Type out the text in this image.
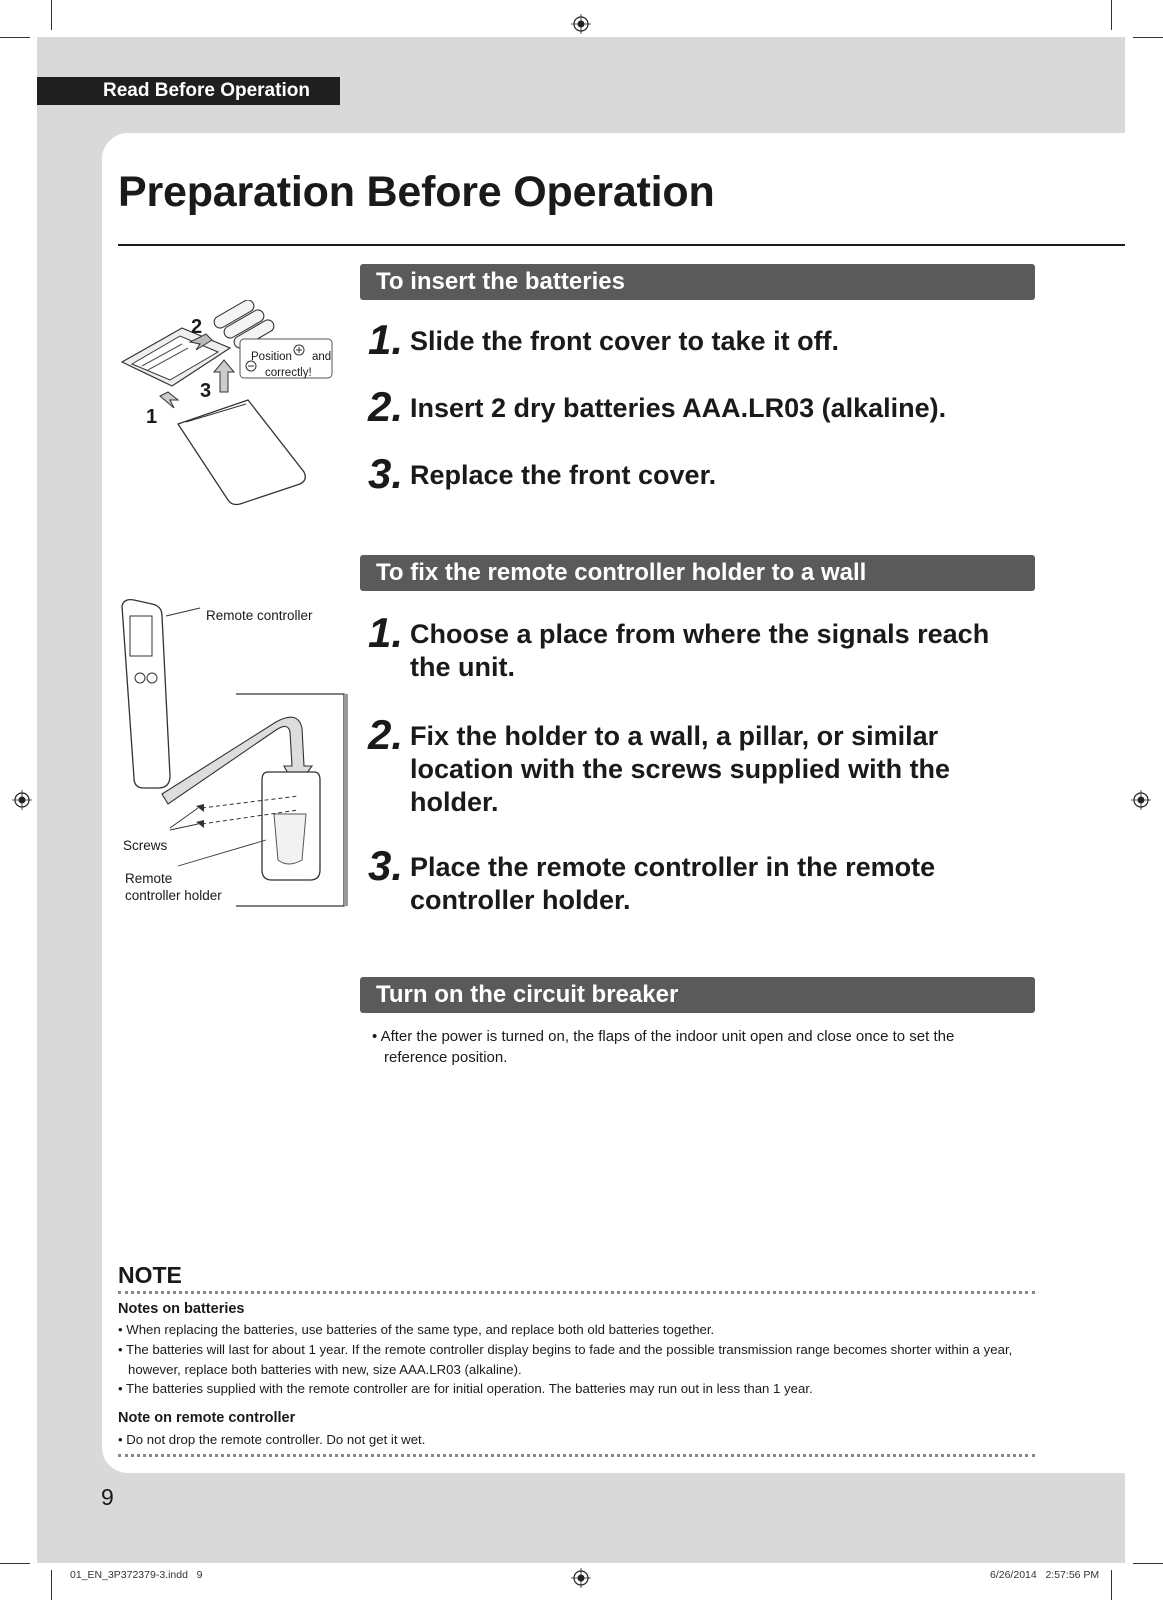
Read Before Operation
Preparation Before Operation
To insert the batteries
1. Slide the front cover to take it off.
2. Insert 2 dry batteries AAA.LR03 (alkaline).
3. Replace the front cover.
2
3
1
Position and
correctly!
To fix the remote controller holder to a wall
1. Choose a place from where the signals reach the unit.
2. Fix the holder to a wall, a pillar, or similar location with the screws supplied with the holder.
3. Place the remote controller in the remote controller holder.
Remote controller
Screws
Remote
controller holder
Turn on the circuit breaker
• After the power is turned on, the flaps of the indoor unit open and close once to set the reference position.
NOTE
Notes on batteries
• When replacing the batteries, use batteries of the same type, and replace both old batteries together.
• The batteries will last for about 1 year. If the remote controller display begins to fade and the possible transmission range becomes shorter within a year, however, replace both batteries with new, size AAA.LR03 (alkaline).
• The batteries supplied with the remote controller are for initial operation. The batteries may run out in less than 1 year.
Note on remote controller
• Do not drop the remote controller. Do not get it wet.
9
01_EN_3P372379-3.indd   9	6/26/2014   2:57:56 PM
